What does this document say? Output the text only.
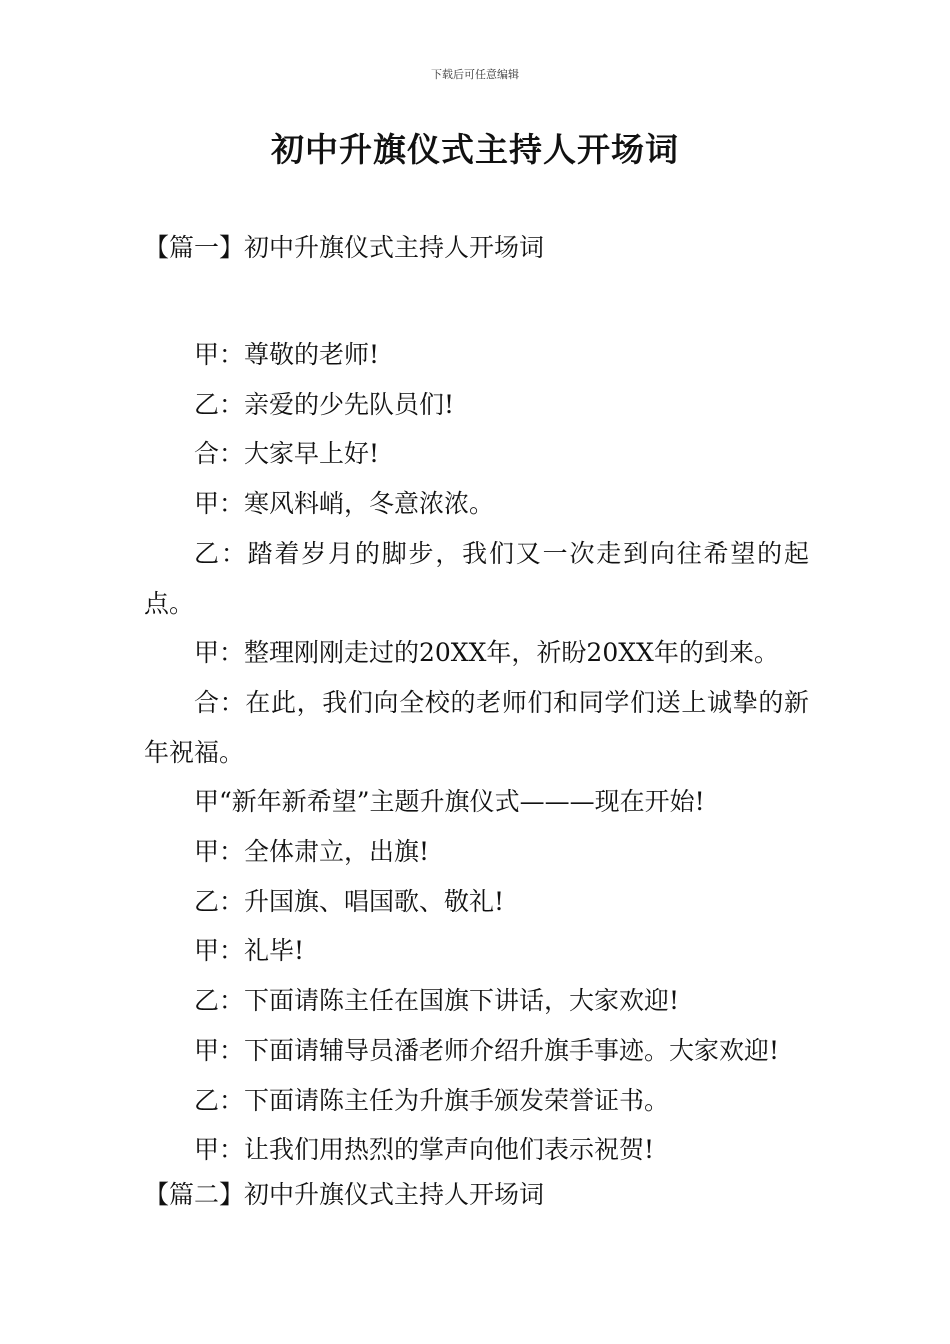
下载后可任意编辑
初中升旗仪式主持人开场词
【篇一】初中升旗仪式主持人开场词

甲：尊敬的老师!

乙：亲爱的少先队员们!

合：大家早上好!

甲：寒风料峭，冬意浓浓。

乙：踏着岁月的脚步，我们又一次走到向往希望的起点。

甲：整理刚刚走过的20XX年，祈盼20XX年的到来。

合：在此，我们向全校的老师们和同学们送上诚挚的新年祝福。

甲“新年新希望”主题升旗仪式———现在开始!

甲：全体肃立，出旗!

乙：升国旗、唱国歌、敬礼!

甲：礼毕!

乙：下面请陈主任在国旗下讲话，大家欢迎!

甲：下面请辅导员潘老师介绍升旗手事迹。大家欢迎!

乙：下面请陈主任为升旗手颁发荣誉证书。

甲：让我们用热烈的掌声向他们表示祝贺!

【篇二】初中升旗仪式主持人开场词
